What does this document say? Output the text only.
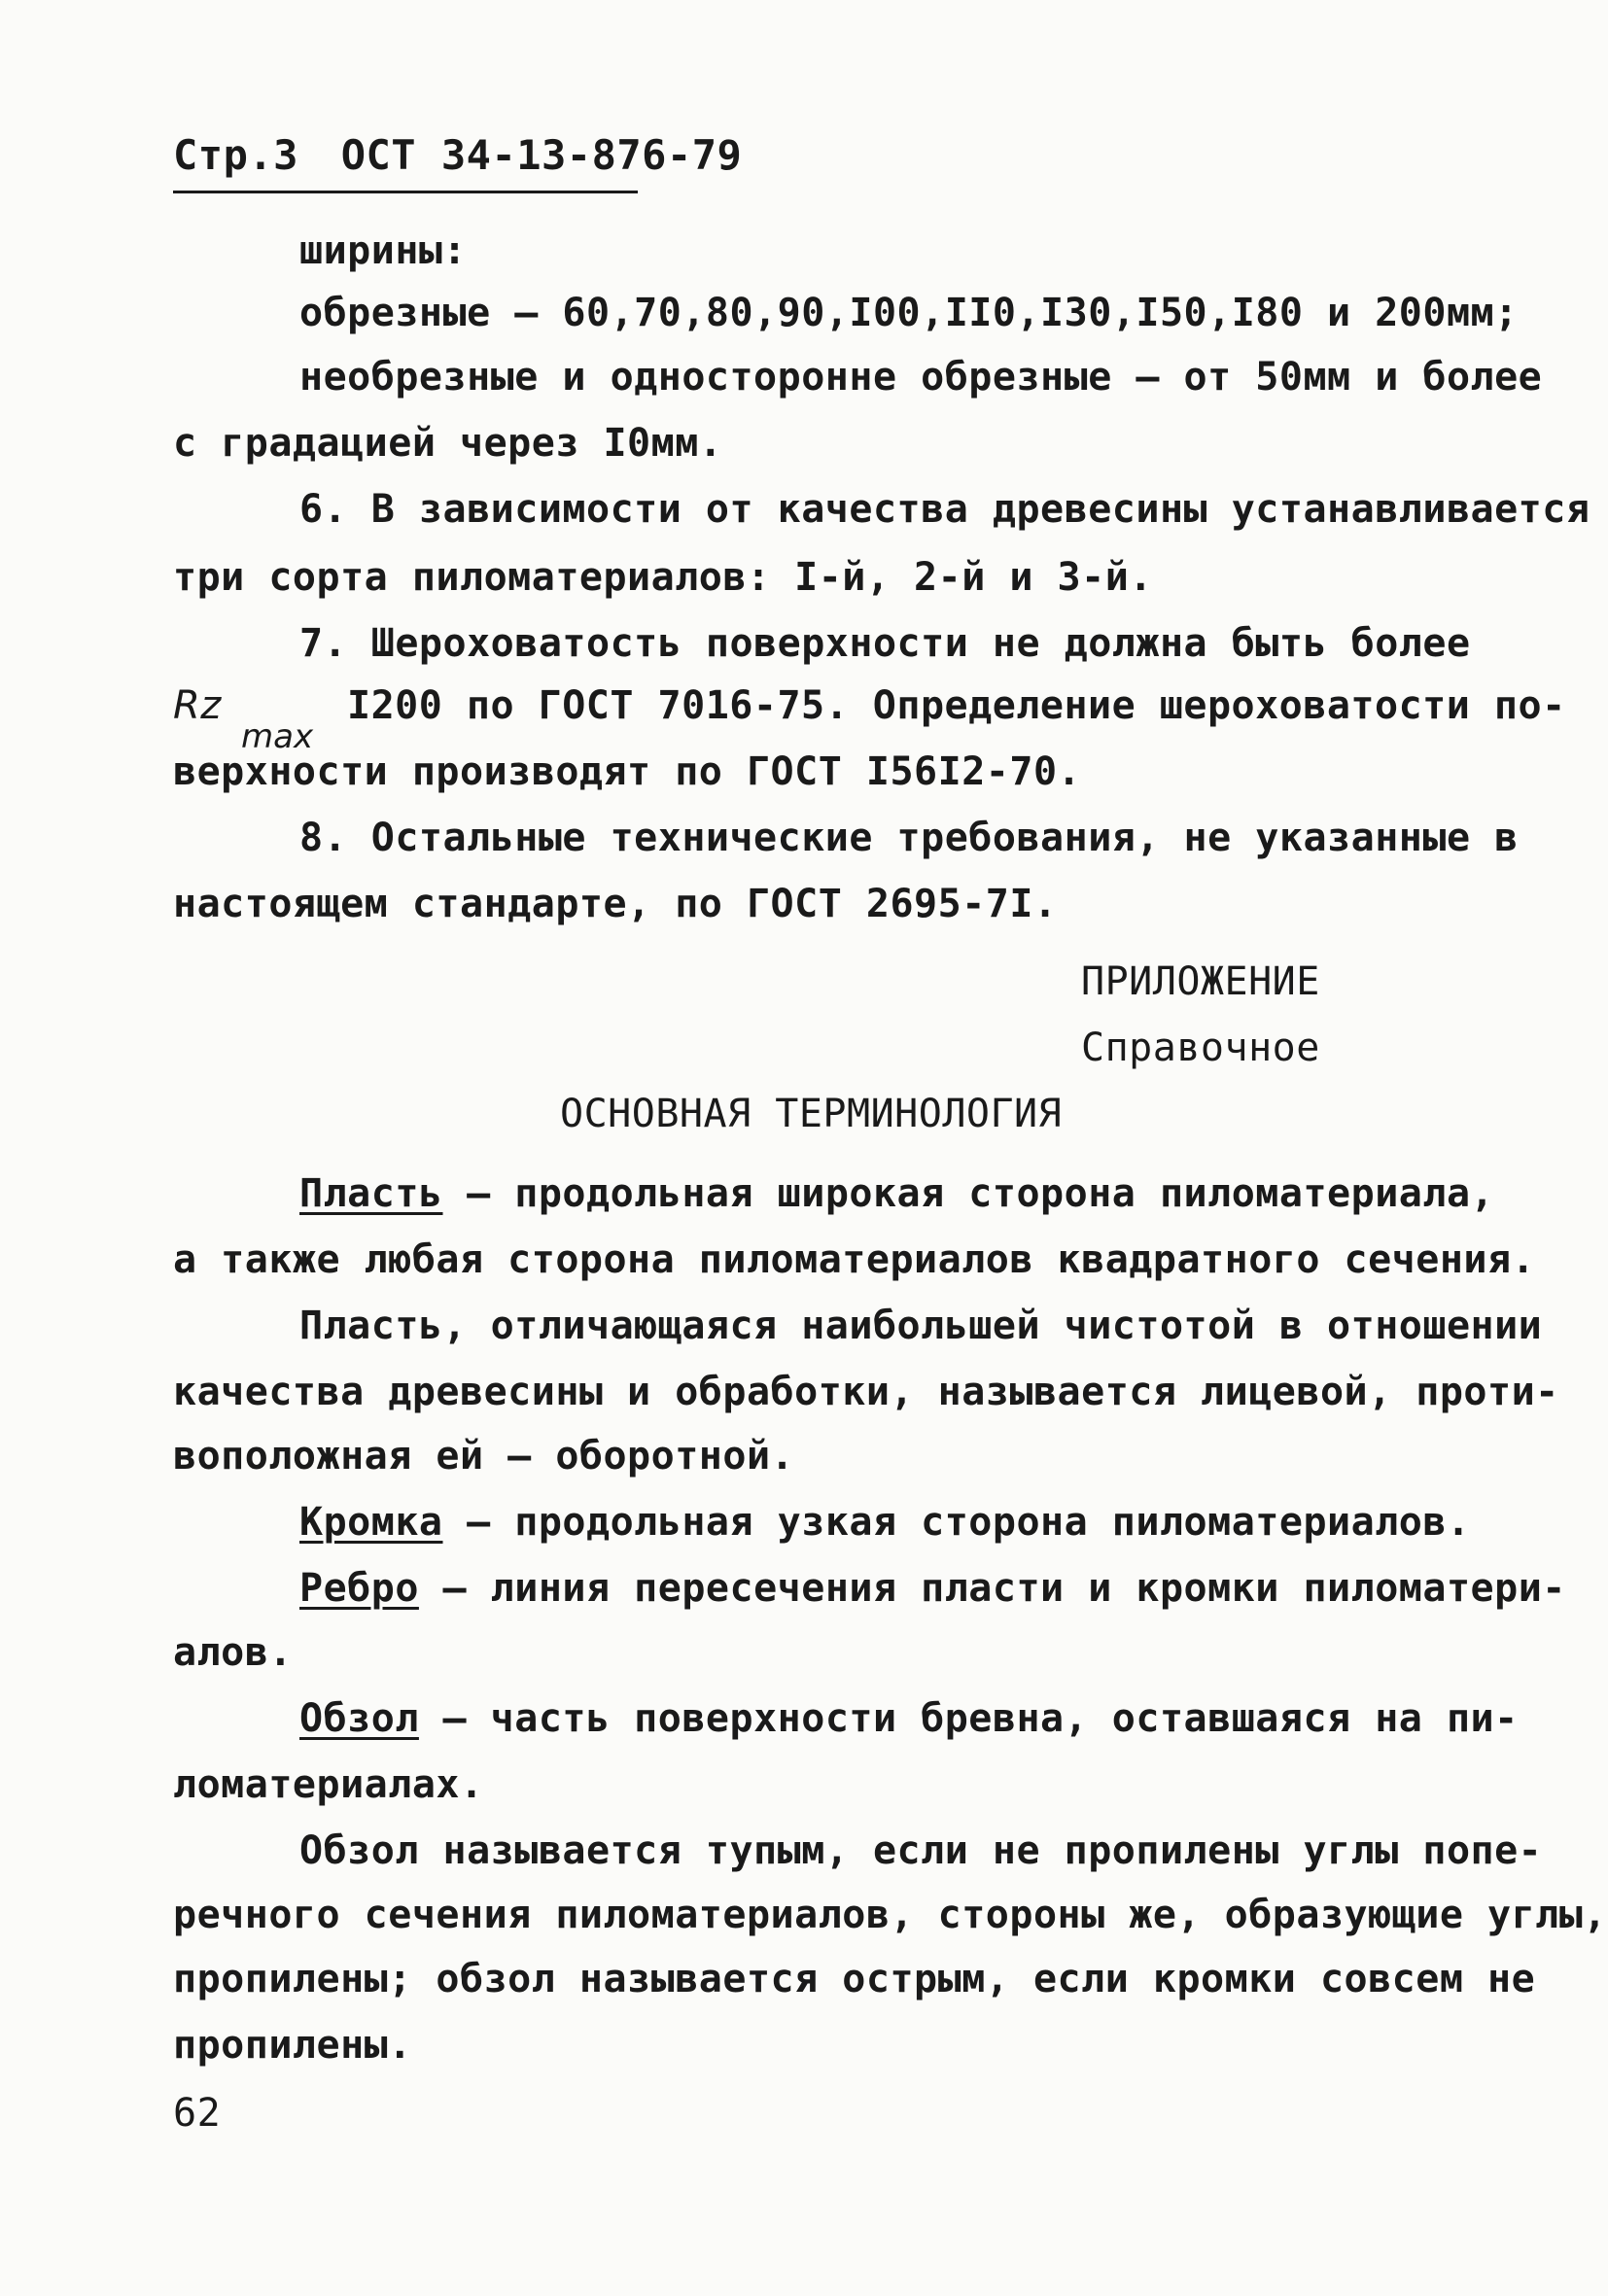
Стр.3 ОСТ 34-13-876-79
ширины:
обрезные – 60,70,80,90,I00,II0,I30,I50,I80 и 200мм;
необрезные и односторонне обрезные – от 50мм и более
с градацией через I0мм.
6. В зависимости от качества древесины устанавливается
три сорта пиломатериалов: I-й, 2-й и 3-й.
7. Шероховатость поверхности не должна быть более
Rz	I200 по ГОСТ 7016-75. Определение шероховатости по-
max
верхности производят по ГОСТ I56I2-70.
8. Остальные технические требования, не указанные в
настоящем стандарте, по ГОСТ 2695-7I.
ПРИЛОЖЕНИЕ
Справочное
ОСНОВНАЯ ТЕРМИНОЛОГИЯ
Пласть – продольная широкая сторона пиломатериала,
а также любая сторона пиломатериалов квадратного сечения.
Пласть, отличающаяся наибольшей чистотой в отношении
качества древесины и обработки, называется лицевой, проти-
воположная ей – оборотной.
Кромка – продольная узкая сторона пиломатериалов.
Ребро – линия пересечения пласти и кромки пиломатери-
алов.
Обзол – часть поверхности бревна, оставшаяся на пи-
ломатериалах.
Обзол называется тупым, если не пропилены углы попе-
речного сечения пиломатериалов, стороны же, образующие углы,
пропилены; обзол называется острым, если кромки совсем не
пропилены.
62
